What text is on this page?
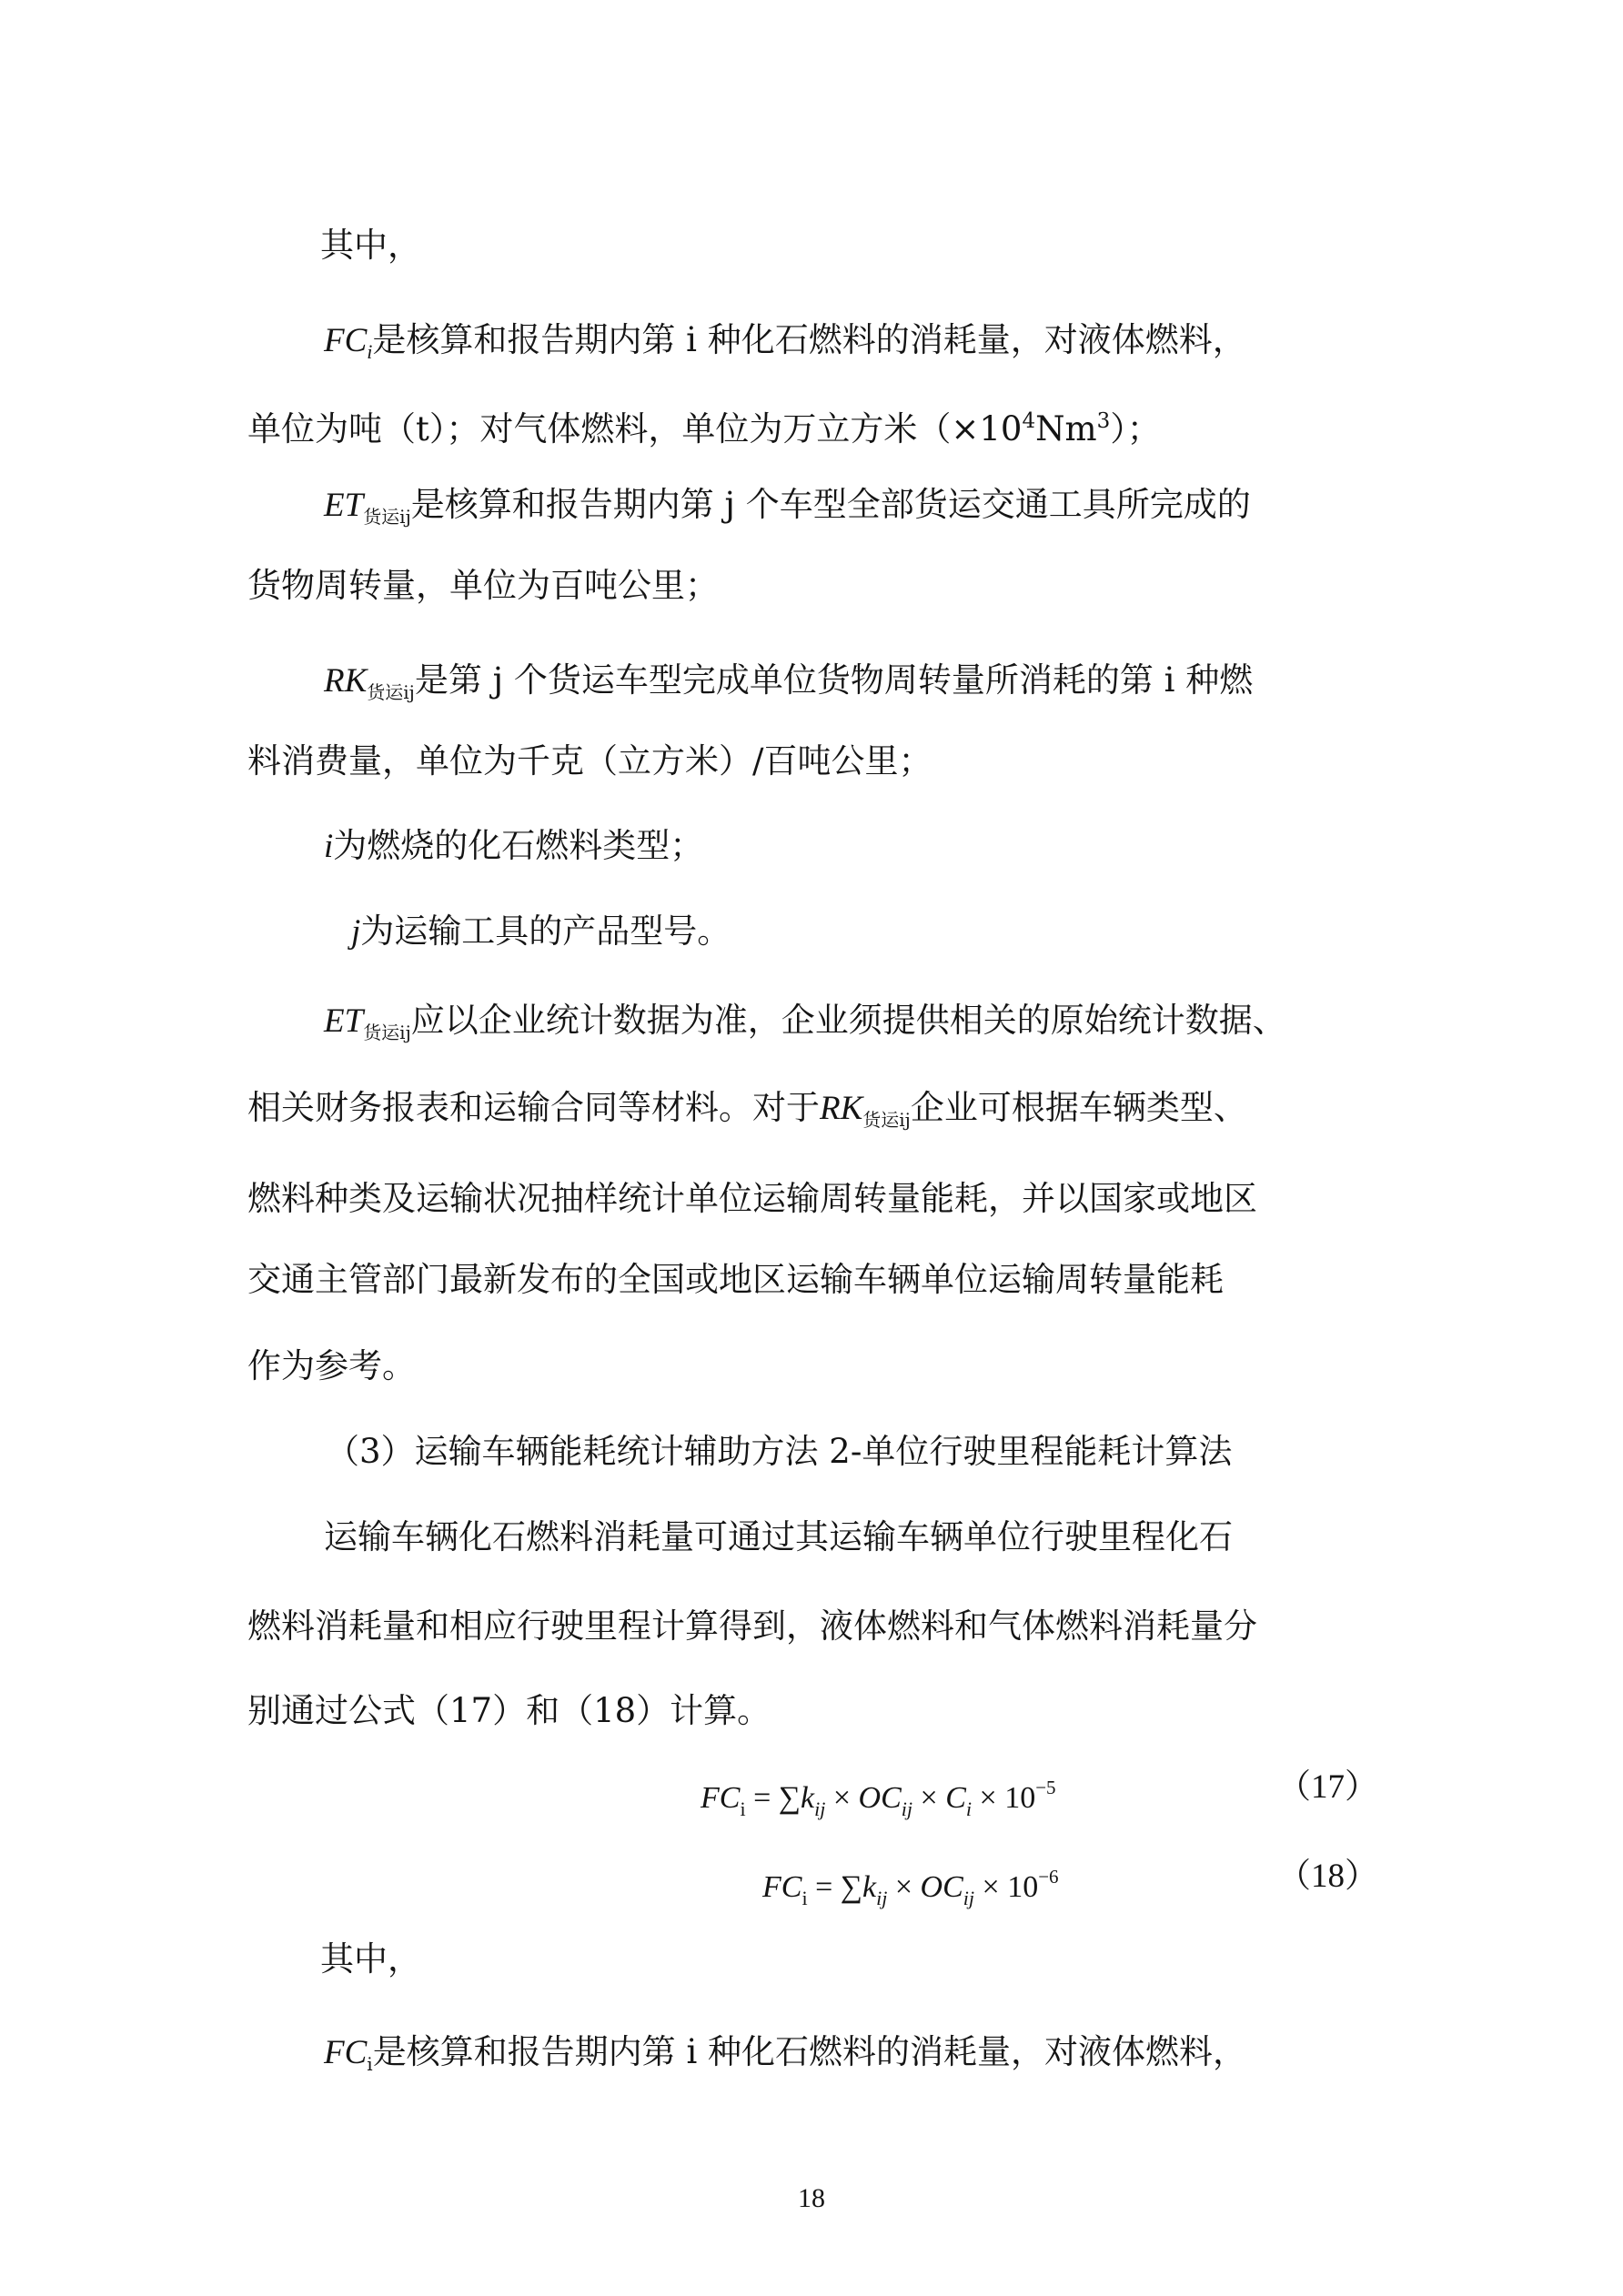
其中，
$FC_i$是核算和报告期内第 i 种化石燃料的消耗量，对液体燃料，
单位为吨（t）；对气体燃料，单位为万立方米$(\times 10^4Nm^3)$；
$ET_{货运ij}$是核算和报告期内第 j 个车型全部货运交通工具所完成的
货物周转量，单位为百吨公里；
$RK_{货运ij}$是第 j 个货运车型完成单位货物周转量所消耗的第 i 种燃
料消费量，单位为千克（立方米）/百吨公里；
i为燃烧的化石燃料类型；
j为运输工具的产品型号。
$ET_{货运ij}$应以企业统计数据为准，企业须提供相关的原始统计数据、
相关财务报表和运输合同等材料。对于$RK_{货运ij}$企业可根据车辆类型、
燃料种类及运输状况抽样统计单位运输周转量能耗，并以国家或地区
交通主管部门最新发布的全国或地区运输车辆单位运输周转量能耗
作为参考。
（3）运输车辆能耗统计辅助方法 2-单位行驶里程能耗计算法
运输车辆化石燃料消耗量可通过其运输车辆单位行驶里程化石
燃料消耗量和相应行驶里程计算得到，液体燃料和气体燃料消耗量分
别通过公式（17）和（18）计算。
$FC_i = \sum k_{ij} \times OC_{ij} \times C_i \times 10^{-5}$	（17）
$FC_i = \sum k_{ij} \times OC_{ij} \times 10^{-6}$	（18）
其中，
$FC_i$是核算和报告期内第 i 种化石燃料的消耗量，对液体燃料，
18
